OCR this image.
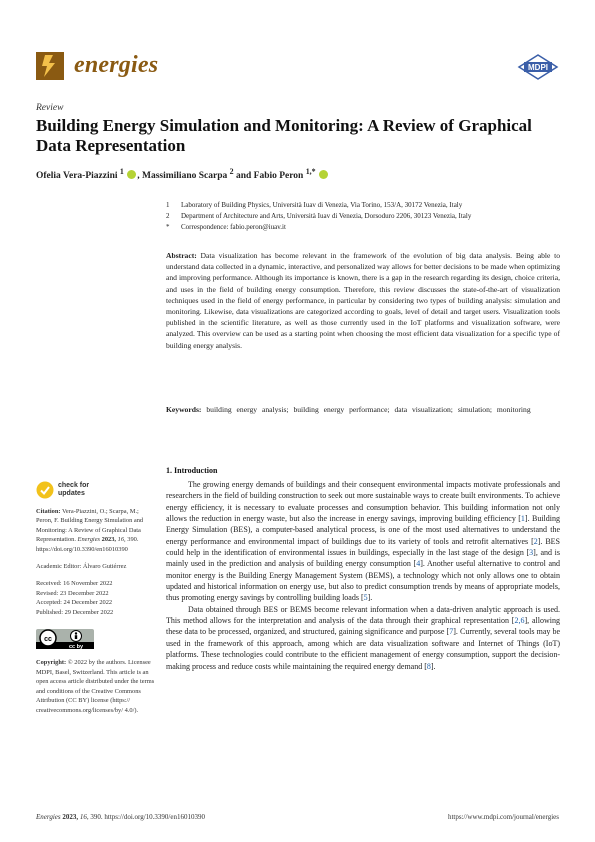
energies	MDPI
Review
Building Energy Simulation and Monitoring: A Review of Graphical Data Representation
Ofelia Vera-Piazzini $^1$ , Massimiliano Scarpa $^2$ and Fabio Peron $^{1,*}$
1	Laboratory of Building Physics, Università Iuav di Venezia, Via Torino, 153/A, 30172 Venezia, Italy
2	Department of Architecture and Arts, Università Iuav di Venezia, Dorsoduro 2206, 30123 Venezia, Italy
*	Correspondence: fabio.peron@iuav.it
Abstract: Data visualization has become relevant in the framework of the evolution of big data analysis. Being able to understand data collected in a dynamic, interactive, and personalized way allows for better decisions to be made when optimizing and improving performance. Although its importance is known, there is a gap in the research regarding its design, choice criteria, and uses in the field of building energy consumption. Therefore, this review discusses the state-of-the-art of visualization techniques used in the field of energy performance, in particular by considering two types of building analysis: simulation and monitoring. Likewise, data visualizations are categorized according to goals, level of detail and target users. Visualization tools published in the scientific literature, as well as those currently used in the IoT platforms and visualization software, were analyzed. This overview can be used as a starting point when choosing the most efficient data visualization for a specific type of building energy analysis.
Keywords: building energy analysis; building energy performance; data visualization; simulation; monitoring
check for
updates
Citation: Vera-Piazzini, O.; Scarpa, M.; Peron, F. Building Energy Simulation and Monitoring: A Review of Graphical Data Representation. Energies 2023, 16, 390. https://doi.org/10.3390/en16010390
Academic Editor: Álvaro Gutiérrez
Received: 16 November 2022
Revised: 23 December 2022
Accepted: 24 December 2022
Published: 29 December 2022
cc
cc by
Copyright: © 2022 by the authors. Licensee MDPI, Basel, Switzerland. This article is an open access article distributed under the terms and conditions of the Creative Commons Attribution (CC BY) license (https:// creativecommons.org/licenses/by/ 4.0/).
1. Introduction

The growing energy demands of buildings and their consequent environmental impacts motivate professionals and researchers in the field of building construction to seek out more sustainable ways to create built environments. To achieve energy efficiency, it is necessary to evaluate processes and consumption behavior. This building information not only allows the reduction in energy waste, but also the increase in energy savings, improving building efficiency [1]. Building Energy Simulation (BES), a computer-based analytical process, is one of the most used alternatives to understand the energy performance and environmental impact of buildings due to its variety of tools and retrofit alternatives [2]. BES could help in the identification of environmental issues in buildings, especially in the last stage of the design [3], and is mainly used in the prediction and analysis of building energy consumption [4]. Another useful alternative to control and monitor energy is the Building Energy Management System (BEMS), a technology which not only allows one to obtain updated and historical information on energy use, but also to predict consumption trends by means of appropriate models, thus promoting energy savings by controlling building loads [5].

Data obtained through BES or BEMS become relevant information when a data-driven analytic approach is used. This method allows for the interpretation and analysis of the data through their graphical representation [2,6], allowing these data to be processed, organized, and structured, gaining significance and purpose [7]. Currently, several tools may be used in the framework of this approach, among which are data visualization software and Internet of Things (IoT) platforms. These technologies could contribute to the efficient management of energy consumption, support the decision-making process and reduce costs while maintaining the required energy demand [8].

Energies 2023, 16, 390. https://doi.org/10.3390/en16010390	https://www.mdpi.com/journal/energies
